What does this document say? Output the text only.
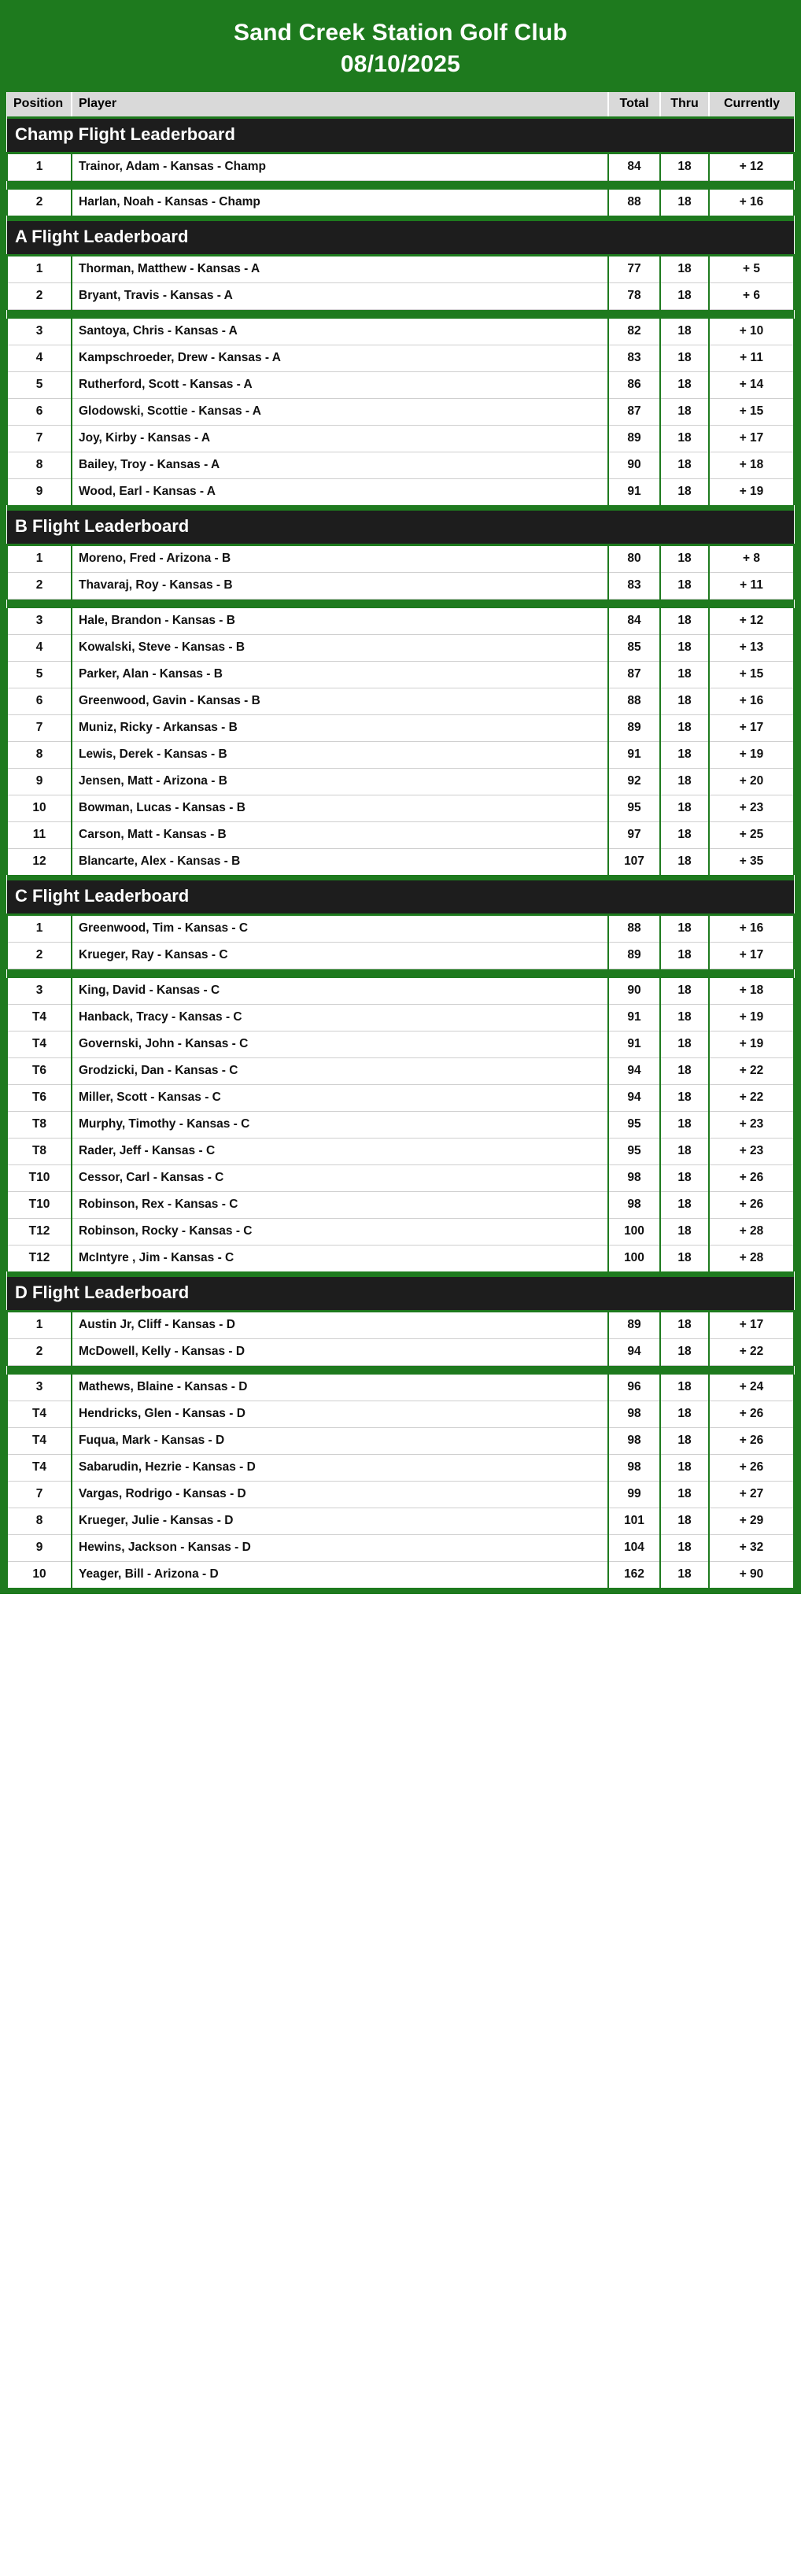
Sand Creek Station Golf Club
08/10/2025
Position	Player	Total	Thru	Currently
Champ Flight Leaderboard				
1	Trainor, Adam - Kansas - Champ	84	18	+ 12

2	Harlan, Noah - Kansas - Champ	88	18	+ 16

A Flight Leaderboard				
1	Thorman, Matthew - Kansas - A	77	18	+ 5
2	Bryant, Travis - Kansas - A	78	18	+ 6

3	Santoya, Chris - Kansas - A	82	18	+ 10
4	Kampschroeder, Drew - Kansas - A	83	18	+ 11
5	Rutherford, Scott - Kansas - A	86	18	+ 14
6	Glodowski, Scottie - Kansas - A	87	18	+ 15
7	Joy, Kirby - Kansas - A	89	18	+ 17
8	Bailey, Troy - Kansas - A	90	18	+ 18
9	Wood, Earl - Kansas - A	91	18	+ 19

B Flight Leaderboard				
1	Moreno, Fred - Arizona - B	80	18	+ 8
2	Thavaraj, Roy - Kansas - B	83	18	+ 11

3	Hale, Brandon - Kansas - B	84	18	+ 12
4	Kowalski, Steve - Kansas - B	85	18	+ 13
5	Parker, Alan - Kansas - B	87	18	+ 15
6	Greenwood, Gavin - Kansas - B	88	18	+ 16
7	Muniz, Ricky - Arkansas - B	89	18	+ 17
8	Lewis, Derek - Kansas - B	91	18	+ 19
9	Jensen, Matt - Arizona - B	92	18	+ 20
10	Bowman, Lucas - Kansas - B	95	18	+ 23
11	Carson, Matt - Kansas - B	97	18	+ 25
12	Blancarte, Alex - Kansas - B	107	18	+ 35

C Flight Leaderboard				
1	Greenwood, Tim - Kansas - C	88	18	+ 16
2	Krueger, Ray - Kansas - C	89	18	+ 17

3	King, David - Kansas - C	90	18	+ 18
T4	Hanback, Tracy - Kansas - C	91	18	+ 19
T4	Governski, John - Kansas - C	91	18	+ 19
T6	Grodzicki, Dan - Kansas - C	94	18	+ 22
T6	Miller, Scott - Kansas - C	94	18	+ 22
T8	Murphy, Timothy - Kansas - C	95	18	+ 23
T8	Rader, Jeff - Kansas - C	95	18	+ 23
T10	Cessor, Carl - Kansas - C	98	18	+ 26
T10	Robinson, Rex - Kansas - C	98	18	+ 26
T12	Robinson, Rocky - Kansas - C	100	18	+ 28
T12	McIntyre , Jim - Kansas - C	100	18	+ 28

D Flight Leaderboard				
1	Austin Jr, Cliff - Kansas - D	89	18	+ 17
2	McDowell, Kelly - Kansas - D	94	18	+ 22

3	Mathews, Blaine - Kansas - D	96	18	+ 24
T4	Hendricks, Glen - Kansas - D	98	18	+ 26
T4	Fuqua, Mark - Kansas - D	98	18	+ 26
T4	Sabarudin, Hezrie - Kansas - D	98	18	+ 26
7	Vargas, Rodrigo - Kansas - D	99	18	+ 27
8	Krueger, Julie - Kansas - D	101	18	+ 29
9	Hewins, Jackson - Kansas - D	104	18	+ 32
10	Yeager, Bill - Arizona - D	162	18	+ 90
